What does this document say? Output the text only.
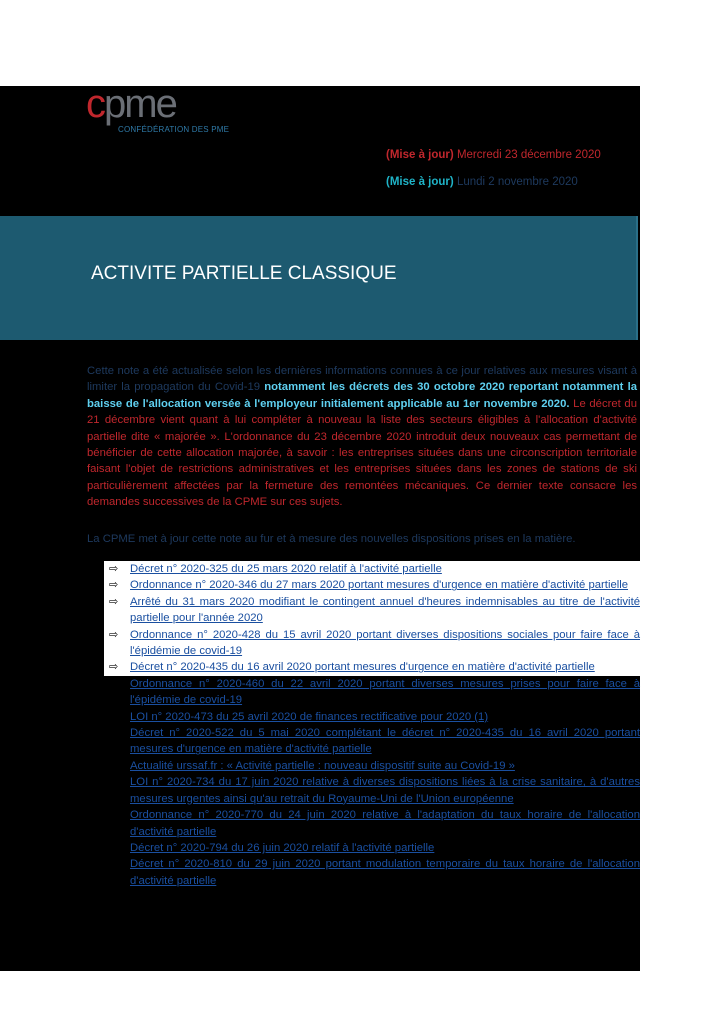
cpme
CONFÉDÉRATION DES PME
(Mise à jour) Mercredi 23 décembre 2020
(Mise à jour) Lundi 2 novembre 2020
ACTIVITE PARTIELLE CLASSIQUE
Cette note a été actualisée selon les dernières informations connues à ce jour relatives aux mesures visant à limiter la propagation du Covid-19 notamment les décrets des 30 octobre 2020 reportant notamment la baisse de l'allocation versée à l'employeur initialement applicable au 1er novembre 2020. Le décret du 21 décembre vient quant à lui compléter à nouveau la liste des secteurs éligibles à l'allocation d'activité partielle dite « majorée ». L'ordonnance du 23 décembre 2020 introduit deux nouveaux cas permettant de bénéficier de cette allocation majorée, à savoir : les entreprises situées dans une circonscription territoriale faisant l'objet de restrictions administratives et les entreprises situées dans les zones de stations de ski particulièrement affectées par la fermeture des remontées mécaniques. Ce dernier texte consacre les demandes successives de la CPME sur ces sujets.
La CPME met à jour cette note au fur et à mesure des nouvelles dispositions prises en la matière.
⇨ Décret n° 2020-325 du 25 mars 2020 relatif à l'activité partielle
⇨ Ordonnance n° 2020-346 du 27 mars 2020 portant mesures d'urgence en matière d'activité partielle
⇨ Arrêté du 31 mars 2020 modifiant le contingent annuel d'heures indemnisables au titre de l'activité partielle pour l'année 2020
⇨ Ordonnance n° 2020-428 du 15 avril 2020 portant diverses dispositions sociales pour faire face à l'épidémie de covid-19
⇨ Décret n° 2020-435 du 16 avril 2020 portant mesures d'urgence en matière d'activité partielle
Ordonnance n° 2020-460 du 22 avril 2020 portant diverses mesures prises pour faire face à l'épidémie de covid-19
LOI n° 2020-473 du 25 avril 2020 de finances rectificative pour 2020 (1)
Décret n° 2020-522 du 5 mai 2020 complétant le décret n° 2020-435 du 16 avril 2020 portant mesures d'urgence en matière d'activité partielle
Actualité urssaf.fr : « Activité partielle : nouveau dispositif suite au Covid-19 »
LOI n° 2020-734 du 17 juin 2020 relative à diverses dispositions liées à la crise sanitaire, à d'autres mesures urgentes ainsi qu'au retrait du Royaume-Uni de l'Union européenne
Ordonnance n° 2020-770 du 24 juin 2020 relative à l'adaptation du taux horaire de l'allocation d'activité partielle
Décret n° 2020-794 du 26 juin 2020 relatif à l'activité partielle
Décret n° 2020-810 du 29 juin 2020 portant modulation temporaire du taux horaire de l'allocation d'activité partielle
